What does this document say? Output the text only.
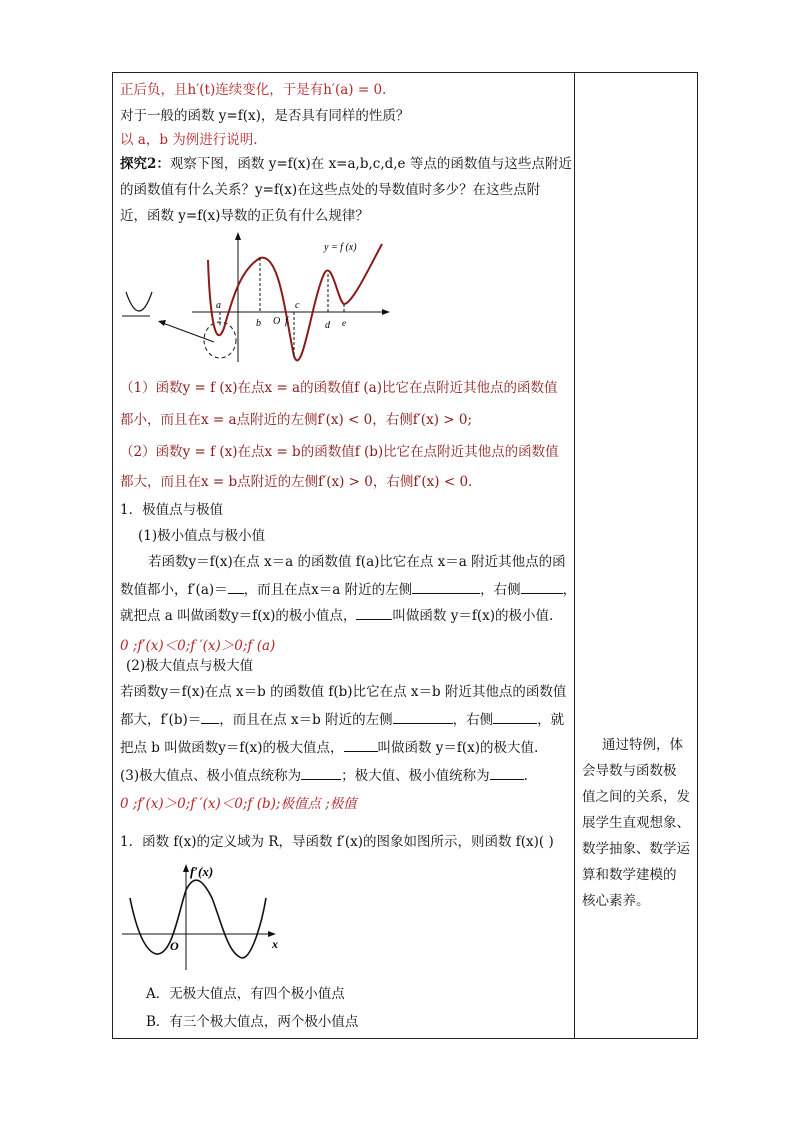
正后负，且h′(t)连续变化，于是有h′(a) = 0.
对于一般的函数 y=f(x)，是否具有同样的性质？
以 a，b 为例进行说明.
探究2：观察下图，函数 y=f(x)在 x=a,b,c,d,e 等点的函数值与这些点附近
的函数值有什么关系？y=f(x)在这些点处的导数值时多少？在这些点附
近，函数 y=f(x)导数的正负有什么规律？
y = f (x)
a
b O f
c
d e
（1）函数y = f (x)在点x = a的函数值f (a)比它在点附近其他点的函数值
都小，而且在x = a点附近的左侧f′(x) < 0，右侧f′(x) > 0;
（2）函数y = f (x)在点x = b的函数值f (b)比它在点附近其他点的函数值
都大，而且在x = b点附近的左侧f′(x) > 0，右侧f′(x) < 0.
1．极值点与极值
(1)极小值点与极小值
若函数y＝f(x)在点 x＝a 的函数值 f(a)比它在点 x＝a 附近其他点的函
数值都小，f′(a)＝ ，而且在点x＝a 附近的左侧	，右侧	，
就把点 a 叫做函数y＝f(x)的极小值点，	叫做函数 y＝f(x)的极小值.
0 ;f′(x)＜0;f ′(x)＞0;f (a)
(2)极大值点与极大值
若函数y＝f(x)在点 x＝b 的函数值 f(b)比它在点 x＝b 附近其他点的函数值
都大，f′(b)＝ ，而且在点 x＝b 附近的左侧	，右侧	，就
把点 b 叫做函数y＝f(x)的极大值点，	叫做函数 y＝f(x)的极大值.
(3)极大值点、极小值点统称为	；极大值、极小值统称为	.
0 ;f′(x)＞0;f ′(x)＜0;f (b);极值点 ;极值
1．函数 f(x)的定义域为 R，导函数 f′(x)的图象如图所示，则函数 f(x)( )
f′(x)
x
O
A．无极大值点，有四个极小值点
B．有三个极大值点，两个极小值点
通过特例，体
会导数与函数极
值之间的关系，发
展学生直观想象、
数学抽象、数学运
算和数学建模的
核心素养。
